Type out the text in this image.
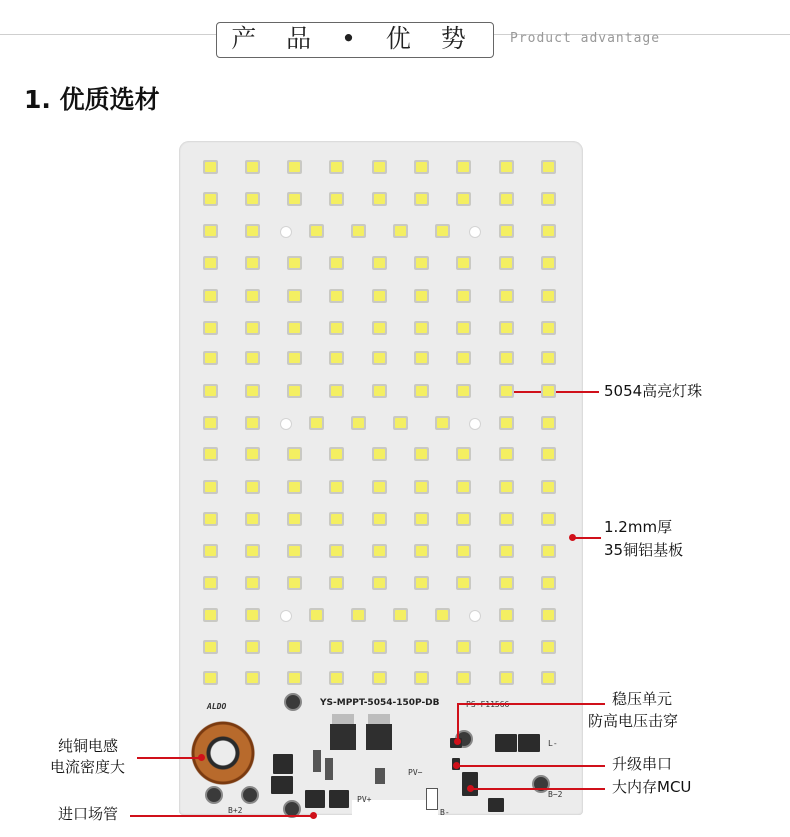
产 品 • 优 势	Product advantage
1. 优质选材
YS-MPPT-5054-150P-DB
ALDO
B+2
PV+
PV−
B-
B−2
L-
5054高亮灯珠
1.2mm厚
35铜铝基板
纯铜电感
电流密度大
进口场管
稳压单元
防高电压击穿
升级串口
大内存MCU
